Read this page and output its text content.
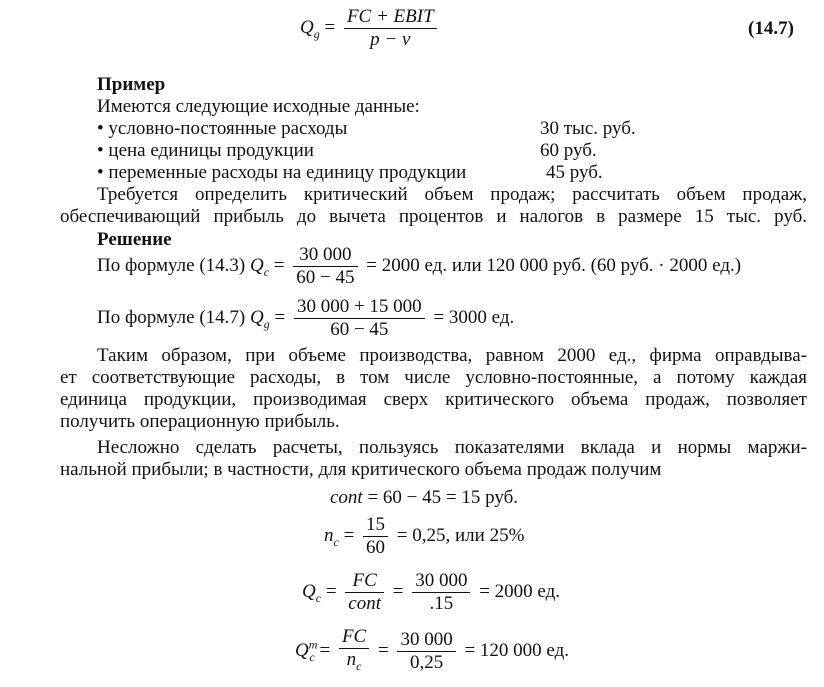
$Q_g = \frac{\text{FC + EBIT}}{p - v}$	(14.7)
Пример
Имеются следующие исходные данные:
• условно-постоянные расходы	30 тыс. руб.
• цена единицы продукции	60 руб.
• переменные расходы на единицу продукции	45 руб.
Требуется определить критический объем продаж; рассчитать объем продаж,
обеспечивающий прибыль до вычета процентов и налогов в размере 15 тыс. руб.
Решение
По формуле (14.3) $Q_c = \frac{30 000}{60 - 45} = 2000$ ед. или 120 000 руб. (60 руб. · 2000 ед.)
По формуле (14.7) $Q_g = \frac{30 000 + 15 000}{60 - 45} = 3000$ ед.
Таким образом, при объеме производства, равном 2000 ед., фирма оправдыва-
ет соответствующие расходы, в том числе условно-постоянные, а потому каждая
единица продукции, производимая сверх критического объема продаж, позволяет
получить операционную прибыль.
Несложно сделать расчеты, пользуясь показателями вклада и нормы маржи-
нальной прибыли; в частности, для критического объема продаж получим
cont = 60 − 45 = 15 руб.
$n_c = \frac{15}{60} = 0,25$, или 25%
$Q_c = \frac{FC}{\text{cont}} = \frac{30 000}{.15} = 2000$ ед.
$Q^m_c = \frac{FC}{n_c} = \frac{30 000}{0,25} = 120$ 000 ед.
